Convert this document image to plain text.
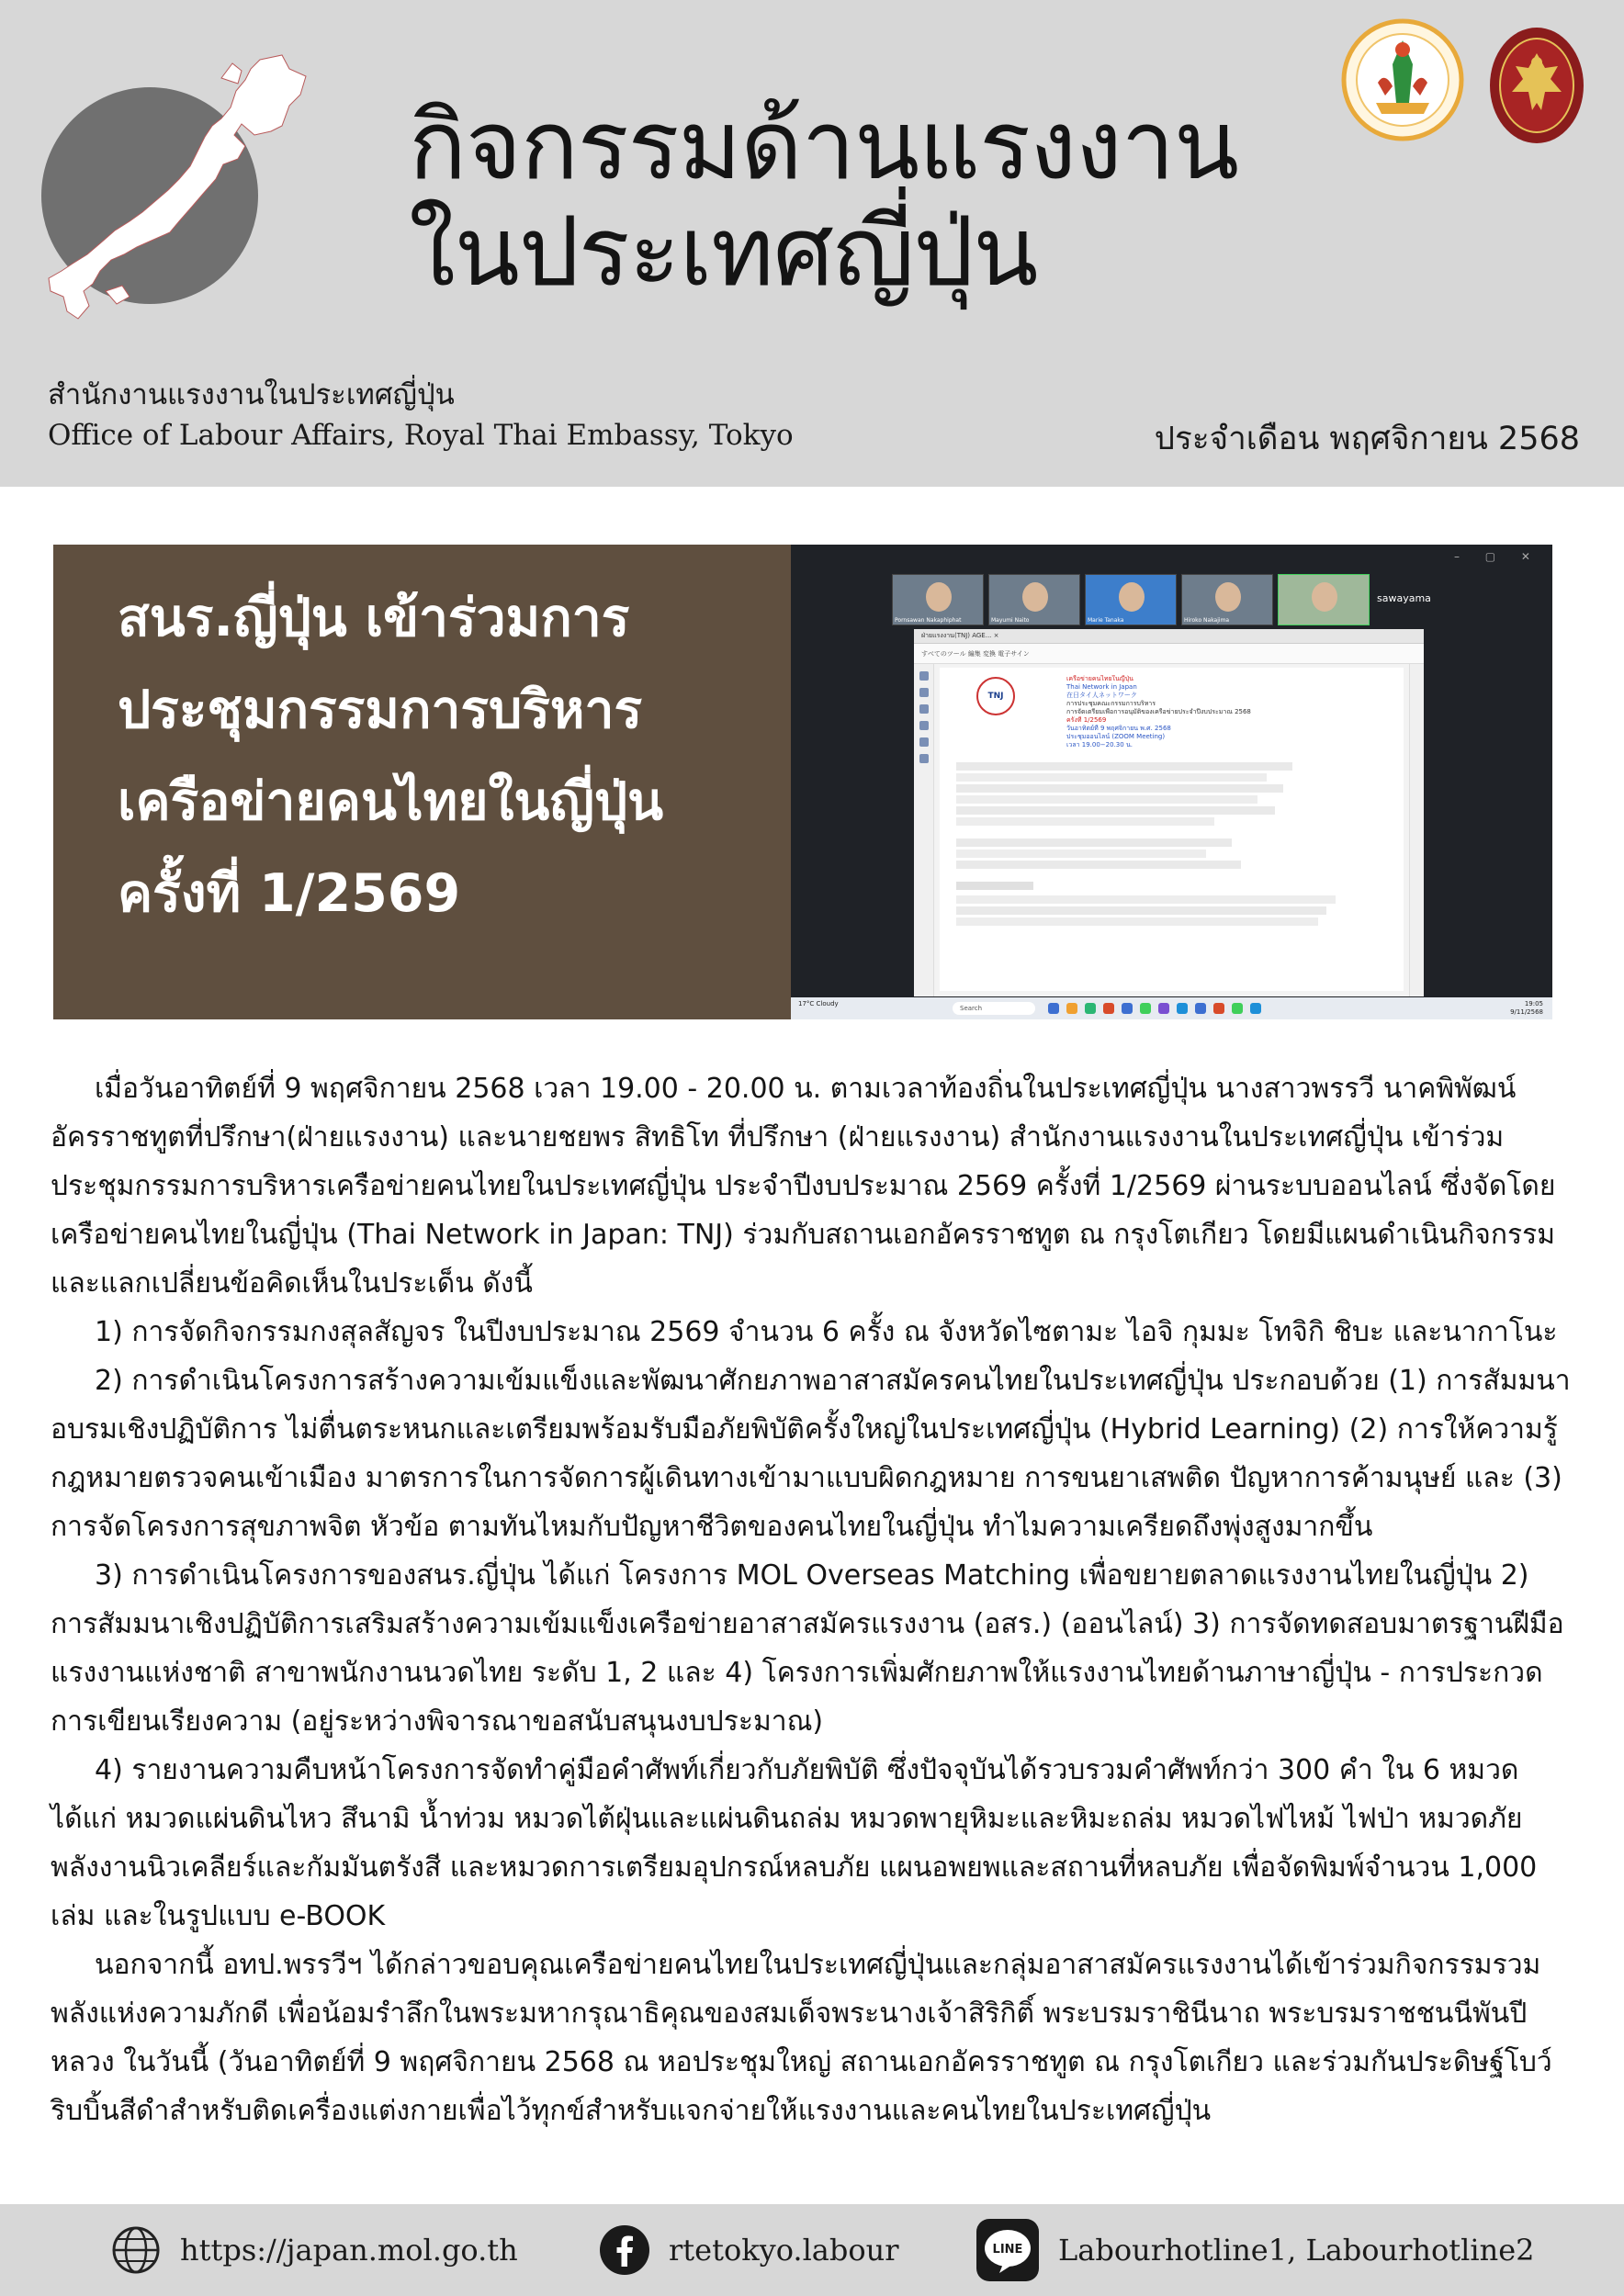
กิจกรรมด้านแรงงาน
ในประเทศญี่ปุ่น
สำนักงานแรงงานในประเทศญี่ปุ่น
Office of Labour Affairs, Royal Thai Embassy, Tokyo	ประจำเดือน พฤศจิกายน 2568
สนร.ญี่ปุ่น เข้าร่วมการ
ประชุมกรรมการบริหาร
เครือข่ายคนไทยในญี่ปุ่น
ครั้งที่ 1/2569
– ▢ ✕
Pornsawan Nakaphiphat	Mayumi Naito	Marie Tanaka	Hiroko Nakajima
sawayama
ฝ่ายแรงงาน(TNJ) AGE... ×
すべてのツール 編集 変換 電子サイン
TNJ
เครือข่ายคนไทยในญี่ปุ่น
Thai Network in Japan
在日タイ人ネットワーク
การประชุมคณะกรรมการบริหาร
การจัดเตรียมเพื่อการอนุมัติของเครือข่ายประจำปีงบประมาณ 2568
ครั้งที่ 1/2569
วันอาทิตย์ที่ 9 พฤศจิกายน พ.ศ. 2568
ประชุมออนไลน์ (ZOOM Meeting)
เวลา 19.00−20.30 น.
17°C Cloudy
Search
19:05
9/11/2568

เมื่อวันอาทิตย์ที่ 9 พฤศจิกายน 2568 เวลา 19.00 - 20.00 น. ตามเวลาท้องถิ่นในประเทศญี่ปุ่น นางสาวพรรวี นาคพิพัฒน์ อัครราชทูตที่ปรึกษา(ฝ่ายแรงงาน) และนายชยพร สิทธิโท ที่ปรึกษา (ฝ่ายแรงงาน) สำนักงานแรงงานในประเทศญี่ปุ่น เข้าร่วมประชุมกรรมการบริหารเครือข่ายคนไทยในประเทศญี่ปุ่น ประจำปีงบประมาณ 2569 ครั้งที่ 1/2569 ผ่านระบบออนไลน์ ซึ่งจัดโดยเครือข่ายคนไทยในญี่ปุ่น (Thai Network in Japan: TNJ) ร่วมกับสถานเอกอัครราชทูต ณ กรุงโตเกียว โดยมีแผนดำเนินกิจกรรมและแลกเปลี่ยนข้อคิดเห็นในประเด็น ดังนี้

1) การจัดกิจกรรมกงสุลสัญจร ในปีงบประมาณ 2569 จำนวน 6 ครั้ง ณ จังหวัดไซตามะ ไอจิ กุมมะ โทจิกิ ชิบะ และนากาโนะ

2) การดำเนินโครงการสร้างความเข้มแข็งและพัฒนาศักยภาพอาสาสมัครคนไทยในประเทศญี่ปุ่น ประกอบด้วย (1) การสัมมนาอบรมเชิงปฏิบัติการ ไม่ตื่นตระหนกและเตรียมพร้อมรับมือภัยพิบัติครั้งใหญ่ในประเทศญี่ปุ่น (Hybrid Learning) (2) การให้ความรู้กฎหมายตรวจคนเข้าเมือง มาตรการในการจัดการผู้เดินทางเข้ามาแบบผิดกฎหมาย การขนยาเสพติด ปัญหาการค้ามนุษย์ และ (3) การจัดโครงการสุขภาพจิต หัวข้อ ตามทันไหมกับปัญหาชีวิตของคนไทยในญี่ปุ่น ทำไมความเครียดถึงพุ่งสูงมากขึ้น

3) การดำเนินโครงการของสนร.ญี่ปุ่น ได้แก่ โครงการ MOL Overseas Matching เพื่อขยายตลาดแรงงานไทยในญี่ปุ่น 2) การสัมมนาเชิงปฏิบัติการเสริมสร้างความเข้มแข็งเครือข่ายอาสาสมัครแรงงาน (อสร.) (ออนไลน์) 3) การจัดทดสอบมาตรฐานฝีมือแรงงานแห่งชาติ สาขาพนักงานนวดไทย ระดับ 1, 2 และ 4) โครงการเพิ่มศักยภาพให้แรงงานไทยด้านภาษาญี่ปุ่น - การประกวดการเขียนเรียงความ (อยู่ระหว่างพิจารณาขอสนับสนุนงบประมาณ)

4) รายงานความคืบหน้าโครงการจัดทำคู่มือคำศัพท์เกี่ยวกับภัยพิบัติ ซึ่งปัจจุบันได้รวบรวมคำศัพท์กว่า 300 คำ ใน 6 หมวด ได้แก่ หมวดแผ่นดินไหว สึนามิ น้ำท่วม หมวดไต้ฝุ่นและแผ่นดินถล่ม หมวดพายุหิมะและหิมะถล่ม หมวดไฟไหม้ ไฟป่า หมวดภัยพลังงานนิวเคลียร์และกัมมันตรังสี และหมวดการเตรียมอุปกรณ์หลบภัย แผนอพยพและสถานที่หลบภัย เพื่อจัดพิมพ์จำนวน 1,000 เล่ม และในรูปแบบ e-BOOK

นอกจากนี้ อทป.พรรวีฯ ได้กล่าวขอบคุณเครือข่ายคนไทยในประเทศญี่ปุ่นและกลุ่มอาสาสมัครแรงงานได้เข้าร่วมกิจกรรมรวมพลังแห่งความภักดี เพื่อน้อมรำลึกในพระมหากรุณาธิคุณของสมเด็จพระนางเจ้าสิริกิติ์ พระบรมราชินีนาถ พระบรมราชชนนีพันปีหลวง ในวันนี้ (วันอาทิตย์ที่ 9 พฤศจิกายน 2568 ณ หอประชุมใหญ่ สถานเอกอัครราชทูต ณ กรุงโตเกียว และร่วมกันประดิษฐ์โบว์ริบบิ้นสีดำสำหรับติดเครื่องแต่งกายเพื่อไว้ทุกข์สำหรับแจกจ่ายให้แรงงานและคนไทยในประเทศญี่ปุ่น

https://japan.mol.go.th	rtetokyo.labour	LINE Labourhotline1, Labourhotline2
